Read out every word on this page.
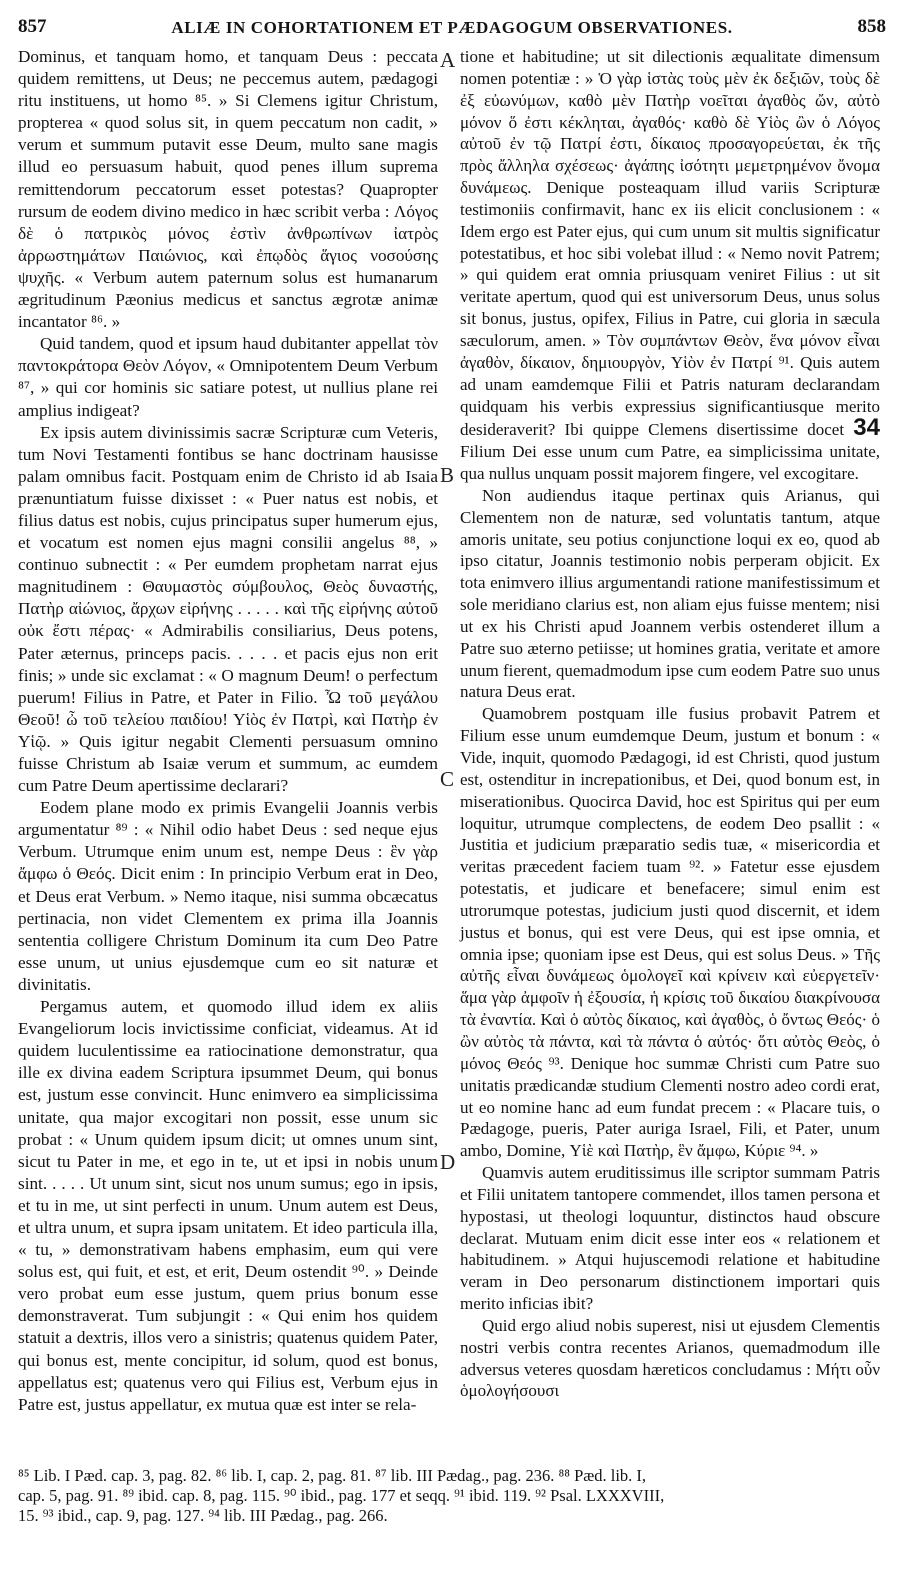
857	ALIÆ IN COHORTATIONEM ET PÆDAGOGUM OBSERVATIONES.	858

Dominus, et tanquam homo, et tanquam Deus : peccata quidem remittens, ut Deus; ne peccemus autem, pædagogi ritu instituens, ut homo ⁸⁵. » Si Clemens igitur Christum, propterea « quod solus sit, in quem peccatum non cadit, » verum et summum putavit esse Deum, multo sane magis illud eo persuasum habuit, quod penes illum suprema remittendorum peccatorum esset potestas? Quapropter rursum de eodem divino medico in hæc scribit verba : Λόγος δὲ ὁ πατρικὸς μόνος ἐστὶν ἀνθρωπίνων ἰατρὸς ἀρρωστημάτων Παιώνιος, καὶ ἐπῳδὸς ἅγιος νοσούσης ψυχῆς. « Verbum autem paternum solus est humanarum ægritudinum Pæonius medicus et sanctus ægrotæ animæ incantator ⁸⁶. »

Quid tandem, quod et ipsum haud dubitanter appellat τὸν παντοκράτορα Θεὸν Λόγον, « Omnipotentem Deum Verbum ⁸⁷, » qui cor hominis sic satiare potest, ut nullius plane rei amplius indigeat?

Ex ipsis autem divinissimis sacræ Scripturæ cum Veteris, tum Novi Testamenti fontibus se hanc doctrinam hausisse palam omnibus facit. Postquam enim de Christo id ab Isaia prænuntiatum fuisse dixisset : « Puer natus est nobis, et filius datus est nobis, cujus principatus super humerum ejus, et vocatum est nomen ejus magni consilii angelus ⁸⁸, » continuo subnectit : « Per eumdem prophetam narrat ejus magnitudinem : Θαυμαστὸς σύμβουλος, Θεὸς δυναστής, Πατὴρ αἰώνιος, ἄρχων εἰρήνης . . . . . καὶ τῆς εἰρήνης αὐτοῦ οὐκ ἔστι πέρας· « Admirabilis consiliarius, Deus potens, Pater æternus, princeps pacis. . . . . et pacis ejus non erit finis; » unde sic exclamat : « O magnum Deum! o perfectum puerum! Filius in Patre, et Pater in Filio. Ὦ τοῦ μεγάλου Θεοῦ! ὦ τοῦ τελείου παιδίου! Υἱὸς ἐν Πατρὶ, καὶ Πατὴρ ἐν Υἱῷ. » Quis igitur negabit Clementi persuasum omnino fuisse Christum ab Isaiæ verum et summum, ac eumdem cum Patre Deum apertissime declarari?

Eodem plane modo ex primis Evangelii Joannis verbis argumentatur ⁸⁹ : « Nihil odio habet Deus : sed neque ejus Verbum. Utrumque enim unum est, nempe Deus : ἓν γὰρ ἄμφω ὁ Θεός. Dicit enim : In principio Verbum erat in Deo, et Deus erat Verbum. » Nemo itaque, nisi summa obcæcatus pertinacia, non videt Clementem ex prima illa Joannis sententia colligere Christum Dominum ita cum Deo Patre esse unum, ut unius ejusdemque cum eo sit naturæ et divinitatis.

Pergamus autem, et quomodo illud idem ex aliis Evangeliorum locis invictissime conficiat, videamus. At id quidem luculentissime ea ratiocinatione demonstratur, qua ille ex divina eadem Scriptura ipsummet Deum, qui bonus est, justum esse convincit. Hunc enimvero ea simplicissima unitate, qua major excogitari non possit, esse unum sic probat : « Unum quidem ipsum dicit; ut omnes unum sint, sicut tu Pater in me, et ego in te, ut et ipsi in nobis unum sint. . . . . Ut unum sint, sicut nos unum sumus; ego in ipsis, et tu in me, ut sint perfecti in unum. Unum autem est Deus, et ultra unum, et supra ipsam unitatem. Et ideo particula illa, « tu, » demonstrativam habens emphasim, eum qui vere solus est, qui fuit, et est, et erit, Deum ostendit ⁹⁰. » Deinde vero probat eum esse justum, quem prius bonum esse demonstraverat. Tum subjungit : « Qui enim hos quidem statuit a dextris, illos vero a sinistris; quatenus quidem Pater, qui bonus est, mente concipitur, id solum, quod est bonus, appellatus est; quatenus vero qui Filius est, Verbum ejus in Patre est, justus appellatur, ex mutua quæ est inter se rela-

A
B
C
D

tione et habitudine; ut sit dilectionis æqualitate dimensum nomen potentiæ : » Ὁ γὰρ ἱστὰς τοὺς μὲν ἐκ δεξιῶν, τοὺς δὲ ἐξ εὐωνύμων, καθὸ μὲν Πατὴρ νοεῖται ἀγαθὸς ὤν, αὐτὸ μόνον ὅ ἐστι κέκληται, ἀγαθός· καθὸ δὲ Υἱὸς ὢν ὁ Λόγος αὐτοῦ ἐν τῷ Πατρί ἐστι, δίκαιος προσαγορεύεται, ἐκ τῆς πρὸς ἄλληλα σχέσεως· ἀγάπης ἰσότητι μεμετρημένον ὄνομα δυνάμεως. Denique posteaquam illud variis Scripturæ testimoniis confirmavit, hanc ex iis elicit conclusionem : « Idem ergo est Pater ejus, qui cum unum sit multis significatur potestatibus, et hoc sibi volebat illud : « Nemo novit Patrem; » qui quidem erat omnia priusquam veniret Filius : ut sit veritate apertum, quod qui est universorum Deus, unus solus sit bonus, justus, opifex, Filius in Patre, cui gloria in sæcula sæculorum, amen. » Τὸν συμπάντων Θεὸν, ἕνα μόνον εἶναι ἀγαθὸν, δίκαιον, δημιουργὸν, Υἱὸν ἐν Πατρί ⁹¹. Quis autem ad unam eamdemque Filii et Patris naturam declarandam quidquam his verbis expressius significantiusque merito desideraverit? Ibi quippe Clemens disertissime docet 34 Filium Dei esse unum cum Patre, ea simplicissima unitate, qua nullus unquam possit majorem fingere, vel excogitare.

Non audiendus itaque pertinax quis Arianus, qui Clementem non de naturæ, sed voluntatis tantum, atque amoris unitate, seu potius conjunctione loqui ex eo, quod ab ipso citatur, Joannis testimonio nobis perperam objicit. Ex tota enimvero illius argumentandi ratione manifestissimum et sole meridiano clarius est, non aliam ejus fuisse mentem; nisi ut ex his Christi apud Joannem verbis ostenderet illum a Patre suo æterno petiisse; ut homines gratia, veritate et amore unum fierent, quemadmodum ipse cum eodem Patre suo unus natura Deus erat.

Quamobrem postquam ille fusius probavit Patrem et Filium esse unum eumdemque Deum, justum et bonum : « Vide, inquit, quomodo Pædagogi, id est Christi, quod justum est, ostenditur in increpationibus, et Dei, quod bonum est, in miserationibus. Quocirca David, hoc est Spiritus qui per eum loquitur, utrumque complectens, de eodem Deo psallit : « Justitia et judicium præparatio sedis tuæ, « misericordia et veritas præcedent faciem tuam ⁹². » Fatetur esse ejusdem potestatis, et judicare et benefacere; simul enim est utrorumque potestas, judicium justi quod discernit, et idem justus et bonus, qui est vere Deus, qui est ipse omnia, et omnia ipse; quoniam ipse est Deus, qui est solus Deus. » Τῆς αὐτῆς εἶναι δυνάμεως ὁμολογεῖ καὶ κρίνειν καὶ εὐεργετεῖν· ἅμα γὰρ ἀμφοῖν ἡ ἐξουσία, ἡ κρίσις τοῦ δικαίου διακρίνουσα τὰ ἐναντία. Καὶ ὁ αὐτὸς δίκαιος, καὶ ἀγαθὸς, ὁ ὄντως Θεός· ὁ ὢν αὐτὸς τὰ πάντα, καὶ τὰ πάντα ὁ αὐτός· ὅτι αὐτὸς Θεὸς, ὁ μόνος Θεός ⁹³. Denique hoc summæ Christi cum Patre suo unitatis prædicandæ studium Clementi nostro adeo cordi erat, ut eo nomine hanc ad eum fundat precem : « Placare tuis, o Pædagoge, pueris, Pater auriga Israel, Fili, et Pater, unum ambo, Domine, Υἱὲ καὶ Πατὴρ, ἓν ἄμφω, Κύριε ⁹⁴. »

Quamvis autem eruditissimus ille scriptor summam Patris et Filii unitatem tantopere commendet, illos tamen persona et hypostasi, ut theologi loquuntur, distinctos haud obscure declarat. Mutuam enim dicit esse inter eos « relationem et habitudinem. » Atqui hujuscemodi relatione et habitudine veram in Deo personarum distinctionem importari quis merito inficias ibit?

Quid ergo aliud nobis superest, nisi ut ejusdem Clementis nostri verbis contra recentes Arianos, quemadmodum ille adversus veteres quosdam hæreticos concludamus : Μήτι οὖν ὁμολογήσουσι

⁸⁵ Lib. I Pæd. cap. 3, pag. 82. ⁸⁶ lib. I, cap. 2, pag. 81. ⁸⁷ lib. III Pædag., pag. 236. ⁸⁸ Pæd. lib. I,

cap. 5, pag. 91. ⁸⁹ ibid. cap. 8, pag. 115. ⁹⁰ ibid., pag. 177 et seqq. ⁹¹ ibid. 119. ⁹² Psal. LXXXVIII,

15. ⁹³ ibid., cap. 9, pag. 127. ⁹⁴ lib. III Pædag., pag. 266.
